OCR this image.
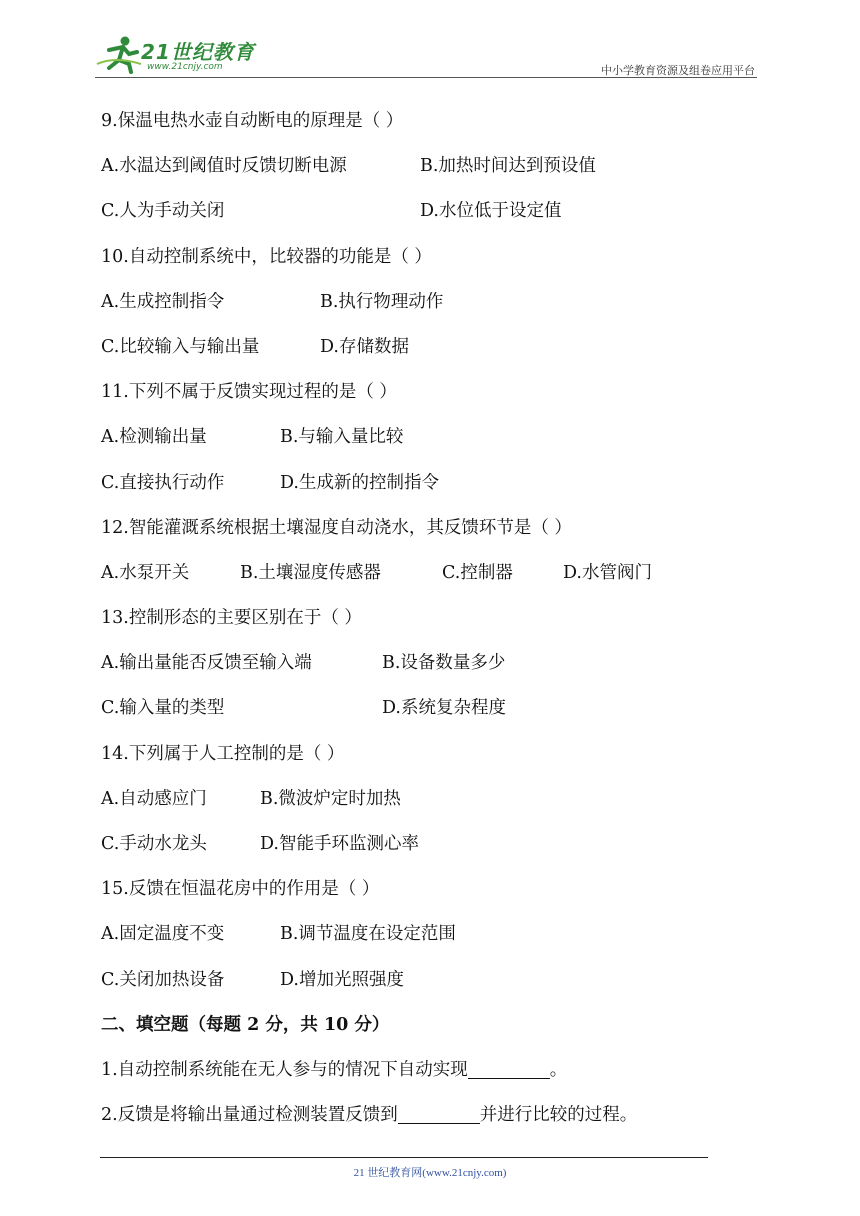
21世纪教育
www.21cnjy.com	中小学教育资源及组卷应用平台
9.保温电热水壶自动断电的原理是（ ）
A.水温达到阈值时反馈切断电源	B.加热时间达到预设值
C.人为手动关闭	D.水位低于设定值
10.自动控制系统中，比较器的功能是（ ）
A.生成控制指令	B.执行物理动作
C.比较输入与输出量	D.存储数据
11.下列不属于反馈实现过程的是（ ）
A.检测输出量	B.与输入量比较
C.直接执行动作	D.生成新的控制指令
12.智能灌溉系统根据土壤湿度自动浇水，其反馈环节是（ ）
A.水泵开关	B.土壤湿度传感器	C.控制器	D.水管阀门
13.控制形态的主要区别在于（ ）
A.输出量能否反馈至输入端	B.设备数量多少
C.输入量的类型	D.系统复杂程度
14.下列属于人工控制的是（ ）
A.自动感应门	B.微波炉定时加热
C.手动水龙头	D.智能手环监测心率
15.反馈在恒温花房中的作用是（ ）
A.固定温度不变	B.调节温度在设定范围
C.关闭加热设备	D.增加光照强度
二、填空题（每题 2 分，共 10 分）
1.自动控制系统能在无人参与的情况下自动实现	。
2.反馈是将输出量通过检测装置反馈到	并进行比较的过程。
21 世纪教育网(www.21cnjy.com)
